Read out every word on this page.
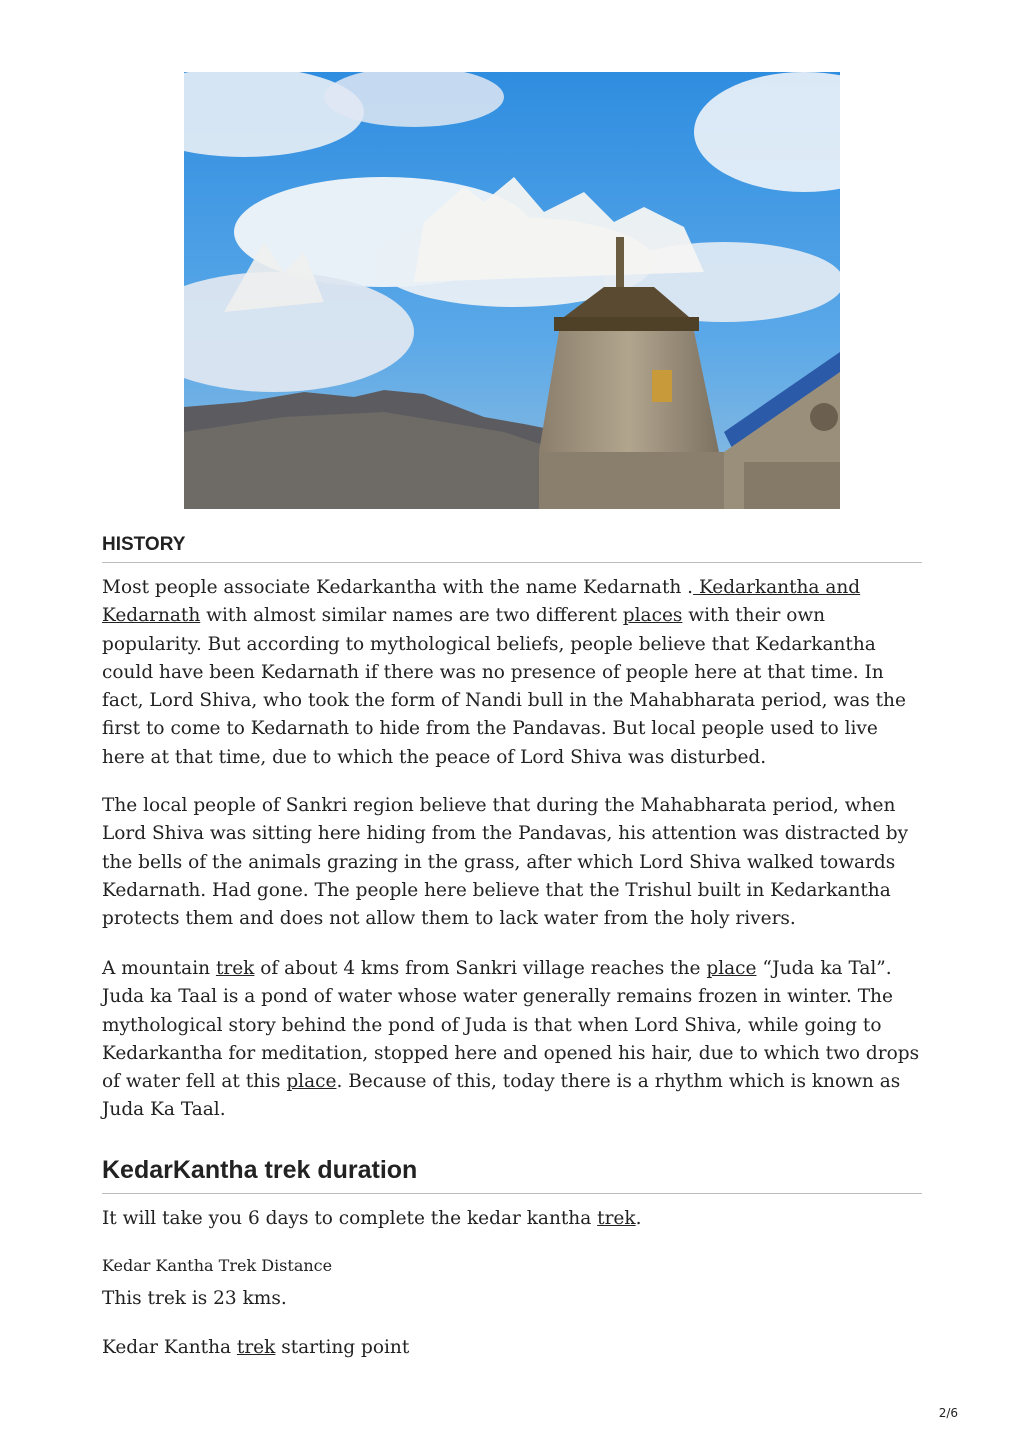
HISTORY

Most people associate Kedarkantha with the name Kedarnath . Kedarkantha and Kedarnath with almost similar names are two different places with their own popularity. But according to mythological beliefs, people believe that Kedarkantha could have been Kedarnath if there was no presence of people here at that time. In fact, Lord Shiva, who took the form of Nandi bull in the Mahabharata period, was the first to come to Kedarnath to hide from the Pandavas. But local people used to live here at that time, due to which the peace of Lord Shiva was disturbed.

The local people of Sankri region believe that during the Mahabharata period, when Lord Shiva was sitting here hiding from the Pandavas, his attention was distracted by the bells of the animals grazing in the grass, after which Lord Shiva walked towards Kedarnath. Had gone. The people here believe that the Trishul built in Kedarkantha protects them and does not allow them to lack water from the holy rivers.

A mountain trek of about 4 kms from Sankri village reaches the place “Juda ka Tal”. Juda ka Taal is a pond of water whose water generally remains frozen in winter. The mythological story behind the pond of Juda is that when Lord Shiva, while going to Kedarkantha for meditation, stopped here and opened his hair, due to which two drops of water fell at this place. Because of this, today there is a rhythm which is known as Juda Ka Taal.

KedarKantha trek duration

It will take you 6 days to complete the kedar kantha trek.

Kedar Kantha Trek Distance

This trek is 23 kms.

Kedar Kantha trek starting point

2/6
